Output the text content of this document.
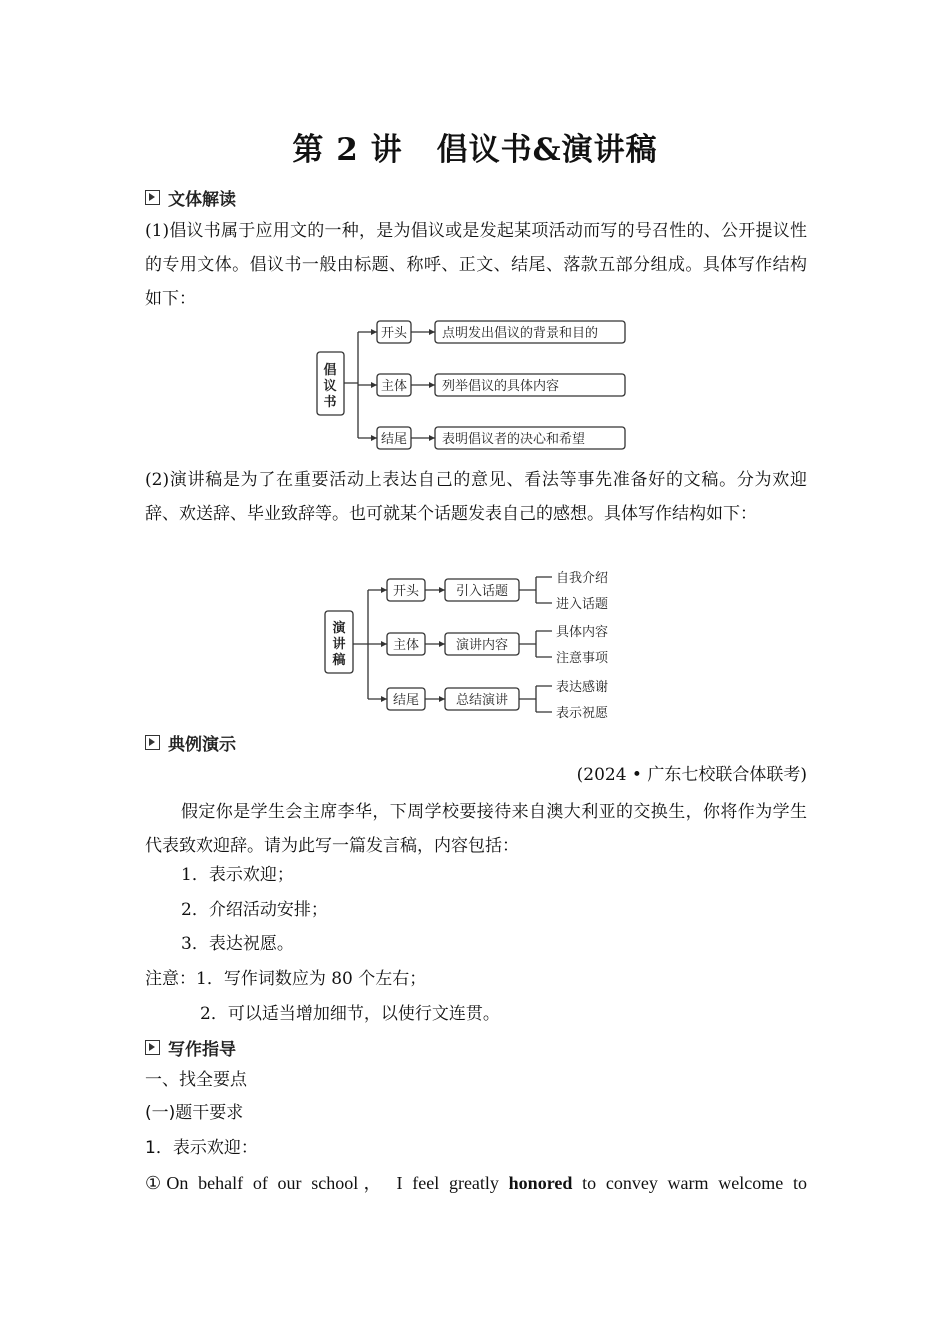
第 2 讲 倡议书&演讲稿
文体解读
(1)倡议书属于应用文的一种，是为倡议或是发起某项活动而写的号召性的、公开提议性的专用文体。倡议书一般由标题、称呼、正文、结尾、落款五部分组成。具体写作结构如下：
倡
议
书
开头
主体
结尾
点明发出倡议的背景和目的
列举倡议的具体内容
表明倡议者的决心和希望
(2)演讲稿是为了在重要活动上表达自己的意见、看法等事先准备好的文稿。分为欢迎辞、欢送辞、毕业致辞等。也可就某个话题发表自己的感想。具体写作结构如下：
演
讲
稿
开头
主体
结尾
引入话题
演讲内容
总结演讲
自我介绍
进入话题
具体内容
注意事项
表达感谢
表示祝愿
典例演示
(2024 • 广东七校联合体联考)
假定你是学生会主席李华，下周学校要接待来自澳大利亚的交换生，你将作为学生代表致欢迎辞。请为此写一篇发言稿，内容包括：
1．表示欢迎；
2．介绍活动安排；
3．表达祝愿。
注意：1．写作词数应为 80 个左右；
2．可以适当增加细节，以使行文连贯。
写作指导
一、找全要点
(一)题干要求
1．表示欢迎：
①On behalf of our school， I feel greatly honored to convey warm welcome to
